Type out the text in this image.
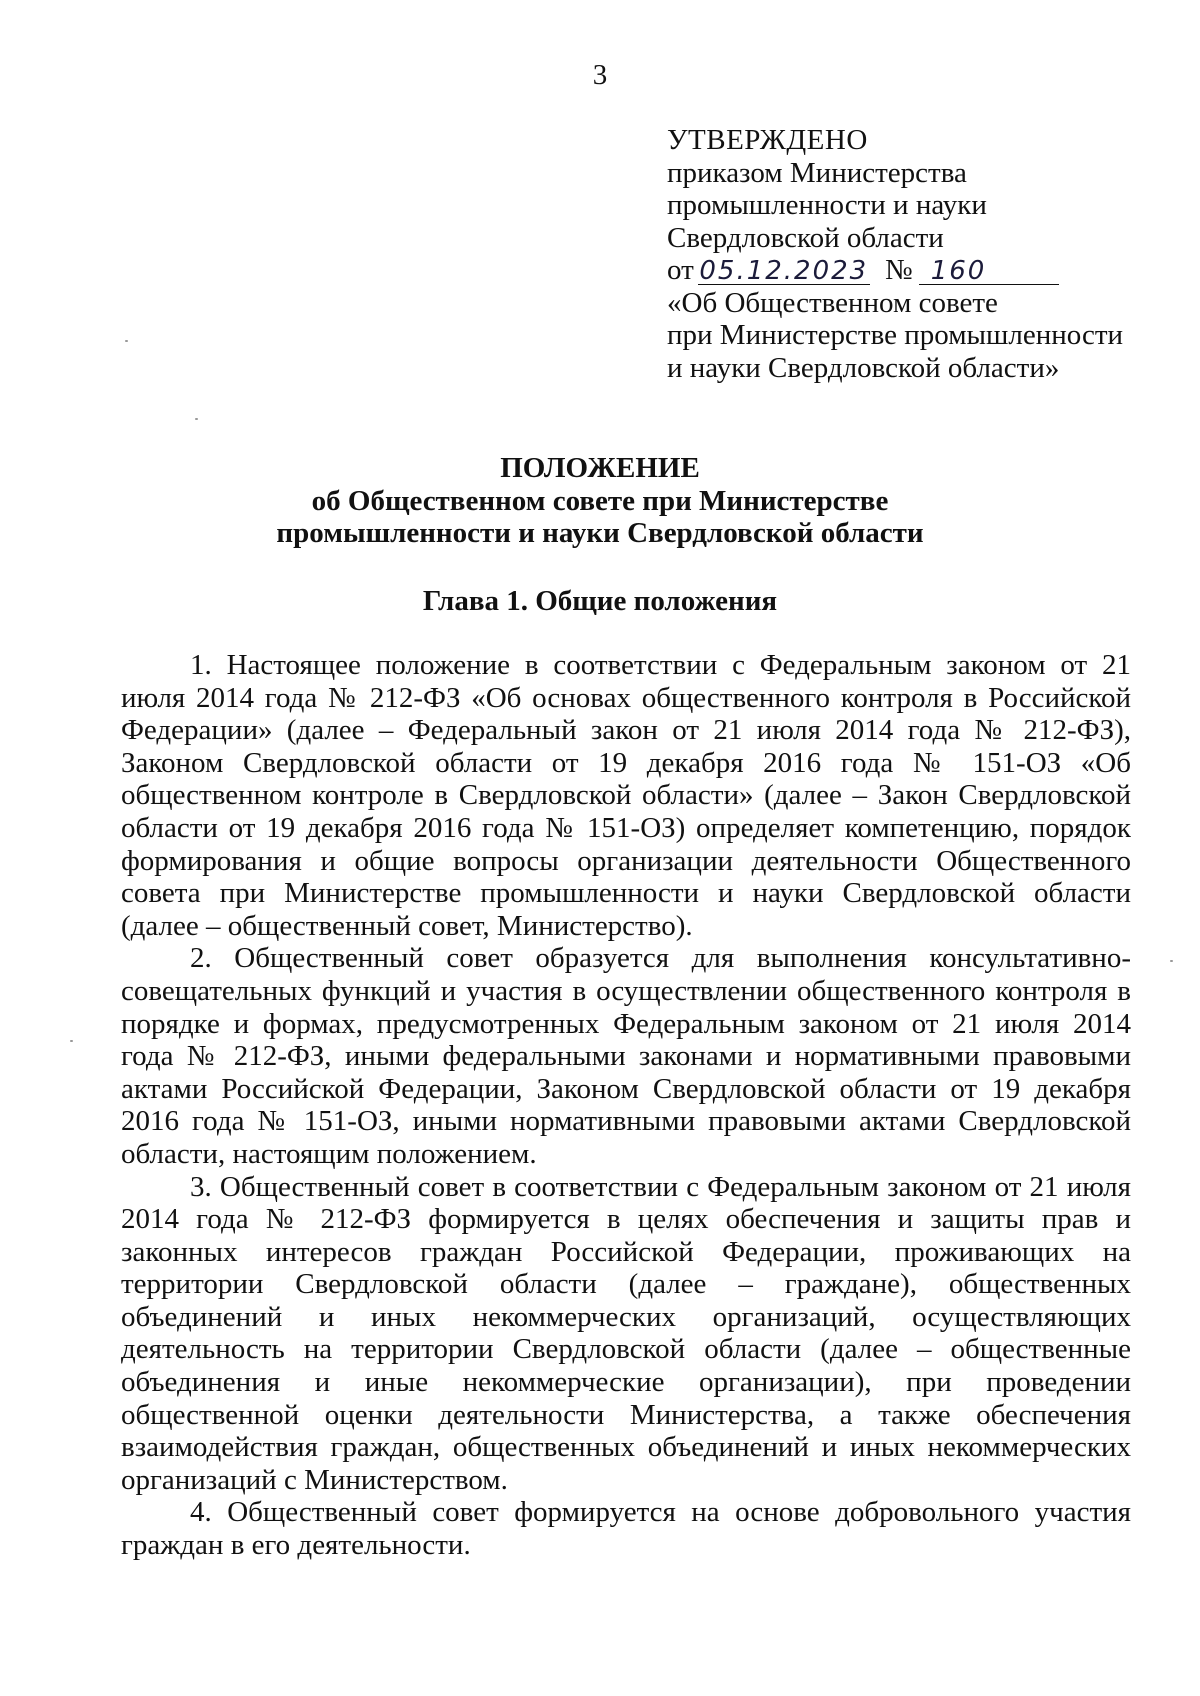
3
УТВЕРЖДЕНО
приказом Министерства
промышленности и науки
Свердловской области
от 05.12.2023 № 160
«Об Общественном совете
при Министерстве промышленности
и науки Свердловской области»
ПОЛОЖЕНИЕ
об Общественном совете при Министерстве
промышленности и науки Свердловской области
Глава 1. Общие положения

1. Настоящее положение в соответствии с Федеральным законом от 21 июля 2014 года № 212-ФЗ «Об основах общественного контроля в Российской Федерации» (далее – Федеральный закон от 21 июля 2014 года № 212-ФЗ), Законом Свердловской области от 19 декабря 2016 года № 151-ОЗ «Об общественном контроле в Свердловской области» (далее – Закон Свердловской области от 19 декабря 2016 года № 151-ОЗ) определяет компетенцию, порядок формирования и общие вопросы организации деятельности Общественного совета при Министерстве промышленности и науки Свердловской области (далее – общественный совет, Министерство).

2. Общественный совет образуется для выполнения консультативно-совещательных функций и участия в осуществлении общественного контроля в порядке и формах, предусмотренных Федеральным законом от 21 июля 2014 года № 212-ФЗ, иными федеральными законами и нормативными правовыми актами Российской Федерации, Законом Свердловской области от 19 декабря 2016 года № 151-ОЗ, иными нормативными правовыми актами Свердловской области, настоящим положением.

3. Общественный совет в соответствии с Федеральным законом от 21 июля 2014 года № 212-ФЗ формируется в целях обеспечения и защиты прав и законных интересов граждан Российской Федерации, проживающих на территории Свердловской области (далее – граждане), общественных объединений и иных некоммерческих организаций, осуществляющих деятельность на территории Свердловской области (далее – общественные объединения и иные некоммерческие организации), при проведении общественной оценки деятельности Министерства, а также обеспечения взаимодействия граждан, общественных объединений и иных некоммерческих организаций с Министерством.

4. Общественный совет формируется на основе добровольного участия граждан в его деятельности.
